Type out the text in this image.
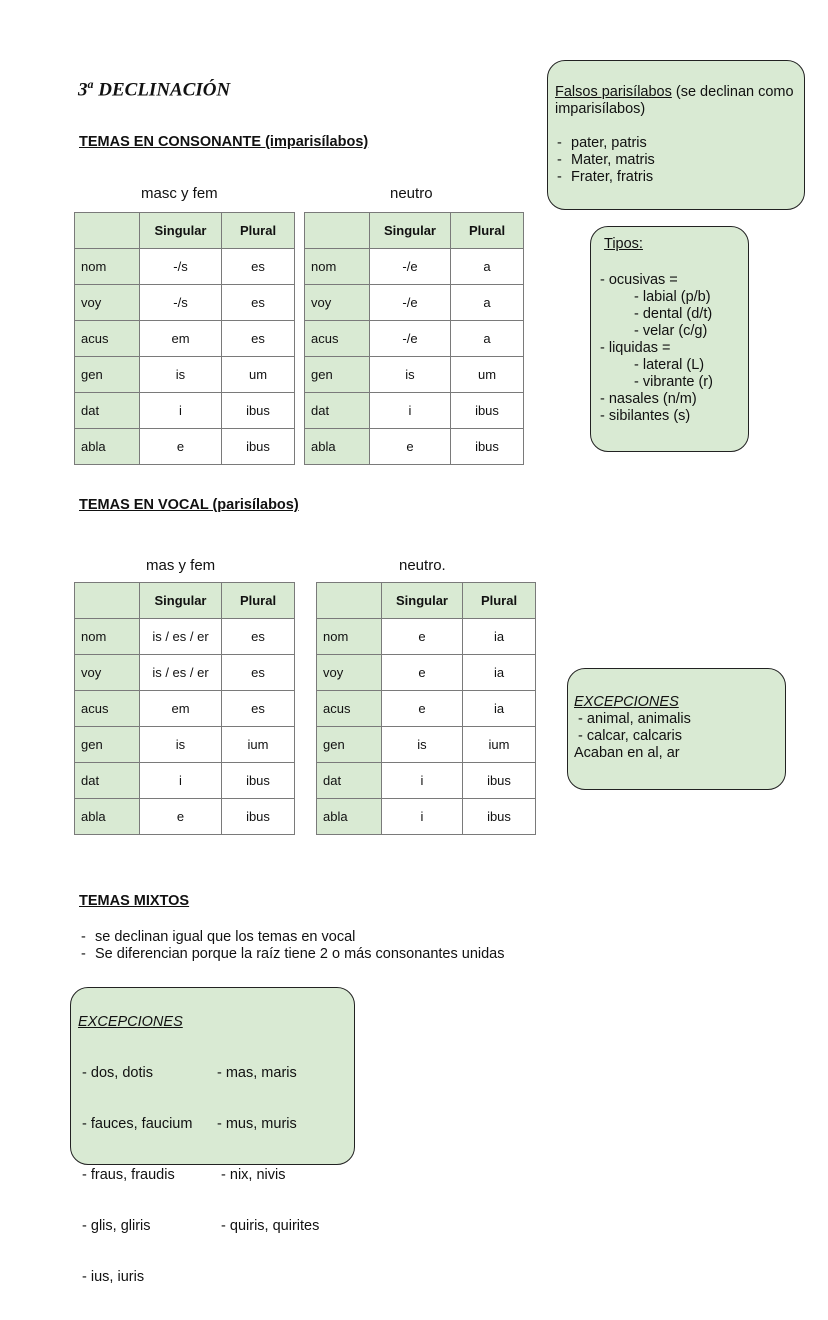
3$^a$ DECLINACIÓN
TEMAS EN CONSONANTE (imparisílabos)
masc y fem	neutro
	Singular	Plural
nom	-/s	es
voy	-/s	es
acus	em	es
gen	is	um
dat	i	ibus
abla	e	ibus
	Singular	Plural
nom	-/e	a
voy	-/e	a
acus	-/e	a
gen	is	um
dat	i	ibus
abla	e	ibus
TEMAS EN VOCAL (parisílabos)
mas y fem	neutro.
	Singular	Plural
nom	is / es / er	es
voy	is / es / er	es
acus	em	es
gen	is	ium
dat	i	ibus
abla	e	ibus
	Singular	Plural
nom	e	ia
voy	e	ia
acus	e	ia
gen	is	ium
dat	i	ibus
abla	i	ibus
Falsos parisílabos (se declinan como imparisílabos)
- pater, patris
- Mater, matris
- Frater, fratris
Tipos:
- ocusivas =
- labial (p/b)
- dental (d/t)
- velar (c/g)
- liquidas =
- lateral (L)
- vibrante (r)
- nasales (n/m)
- sibilantes (s)
EXCEPCIONES
- animal, animalis
- calcar, calcaris
Acaban en al, ar
TEMAS MIXTOS
- se declinan igual que los temas en vocal
- Se diferencian porque la raíz tiene 2 o más consonantes unidas
EXCEPCIONES

- dos, dotis

- fauces, faucium

- fraus, fraudis

- glis, gliris

- ius, iuris

- mas, maris

- mus, muris

- nix, nivis

- quiris, quirites
